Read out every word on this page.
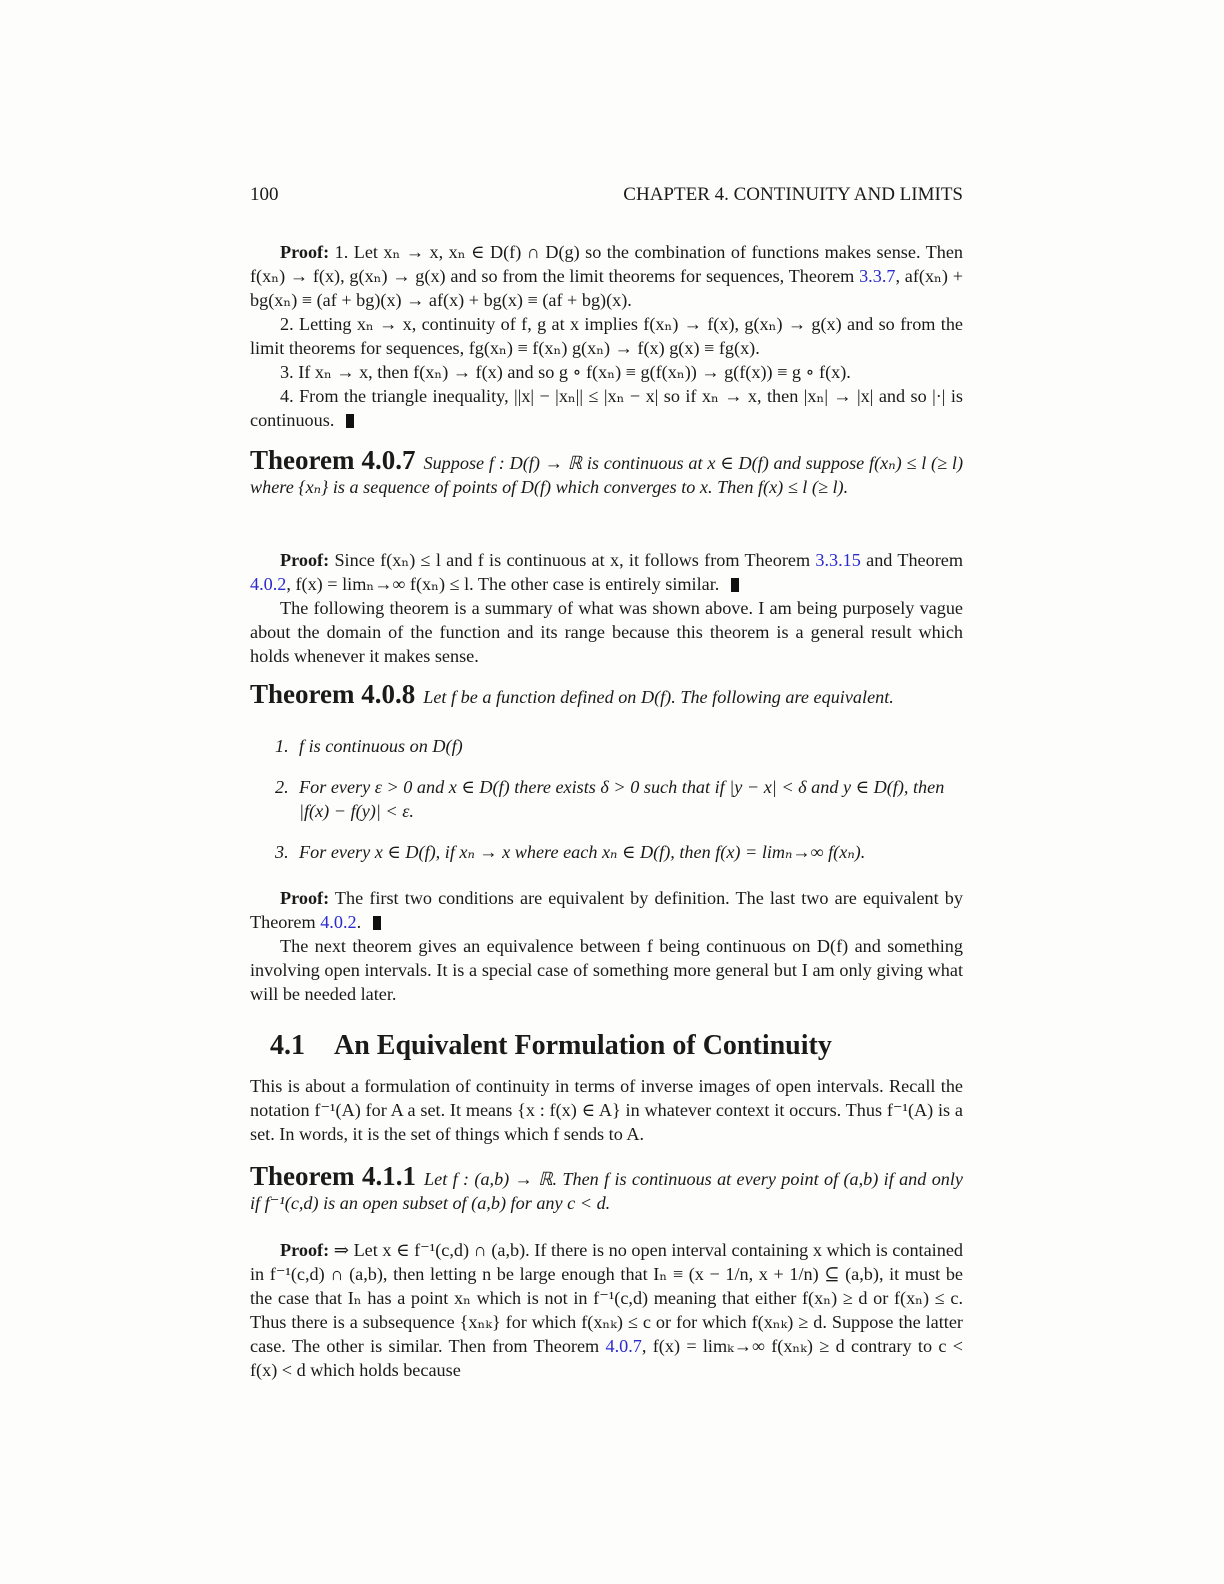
100	CHAPTER 4. CONTINUITY AND LIMITS

Proof: 1. Let xₙ → x, xₙ ∈ D(f) ∩ D(g) so the combination of functions makes sense. Then f(xₙ) → f(x), g(xₙ) → g(x) and so from the limit theorems for sequences, Theorem 3.3.7, af(xₙ) + bg(xₙ) ≡ (af + bg)(x) → af(x) + bg(x) ≡ (af + bg)(x).

2. Letting xₙ → x, continuity of f, g at x implies f(xₙ) → f(x), g(xₙ) → g(x) and so from the limit theorems for sequences, fg(xₙ) ≡ f(xₙ) g(xₙ) → f(x) g(x) ≡ fg(x).

3. If xₙ → x, then f(xₙ) → f(x) and so g ∘ f(xₙ) ≡ g(f(xₙ)) → g(f(x)) ≡ g ∘ f(x).

4. From the triangle inequality, ||x| − |xₙ|| ≤ |xₙ − x| so if xₙ → x, then |xₙ| → |x| and so |·| is continuous.

Theorem 4.0.7 Suppose f : D(f) → ℝ is continuous at x ∈ D(f) and suppose f(xₙ) ≤ l (≥ l) where {xₙ} is a sequence of points of D(f) which converges to x. Then f(x) ≤ l (≥ l).

Proof: Since f(xₙ) ≤ l and f is continuous at x, it follows from Theorem 3.3.15 and Theorem 4.0.2, f(x) = limₙ→∞ f(xₙ) ≤ l. The other case is entirely similar.

The following theorem is a summary of what was shown above. I am being purposely vague about the domain of the function and its range because this theorem is a general result which holds whenever it makes sense.

Theorem 4.0.8 Let f be a function defined on D(f). The following are equivalent.

1. f is continuous on D(f)
2. For every ε > 0 and x ∈ D(f) there exists δ > 0 such that if |y − x| < δ and y ∈ D(f), then |f(x) − f(y)| < ε.
3. For every x ∈ D(f), if xₙ → x where each xₙ ∈ D(f), then f(x) = limₙ→∞ f(xₙ).

Proof: The first two conditions are equivalent by definition. The last two are equivalent by Theorem 4.0.2.

The next theorem gives an equivalence between f being continuous on D(f) and something involving open intervals. It is a special case of something more general but I am only giving what will be needed later.

4.1 An Equivalent Formulation of Continuity

This is about a formulation of continuity in terms of inverse images of open intervals. Recall the notation f⁻¹(A) for A a set. It means {x : f(x) ∈ A} in whatever context it occurs. Thus f⁻¹(A) is a set. In words, it is the set of things which f sends to A.

Theorem 4.1.1 Let f : (a,b) → ℝ. Then f is continuous at every point of (a,b) if and only if f⁻¹(c,d) is an open subset of (a,b) for any c < d.

Proof: ⇒ Let x ∈ f⁻¹(c,d) ∩ (a,b). If there is no open interval containing x which is contained in f⁻¹(c,d) ∩ (a,b), then letting n be large enough that Iₙ ≡ (x − 1/n, x + 1/n) ⊆ (a,b), it must be the case that Iₙ has a point xₙ which is not in f⁻¹(c,d) meaning that either f(xₙ) ≥ d or f(xₙ) ≤ c. Thus there is a subsequence {xₙₖ} for which f(xₙₖ) ≤ c or for which f(xₙₖ) ≥ d. Suppose the latter case. The other is similar. Then from Theorem 4.0.7, f(x) = limₖ→∞ f(xₙₖ) ≥ d contrary to c < f(x) < d which holds because
